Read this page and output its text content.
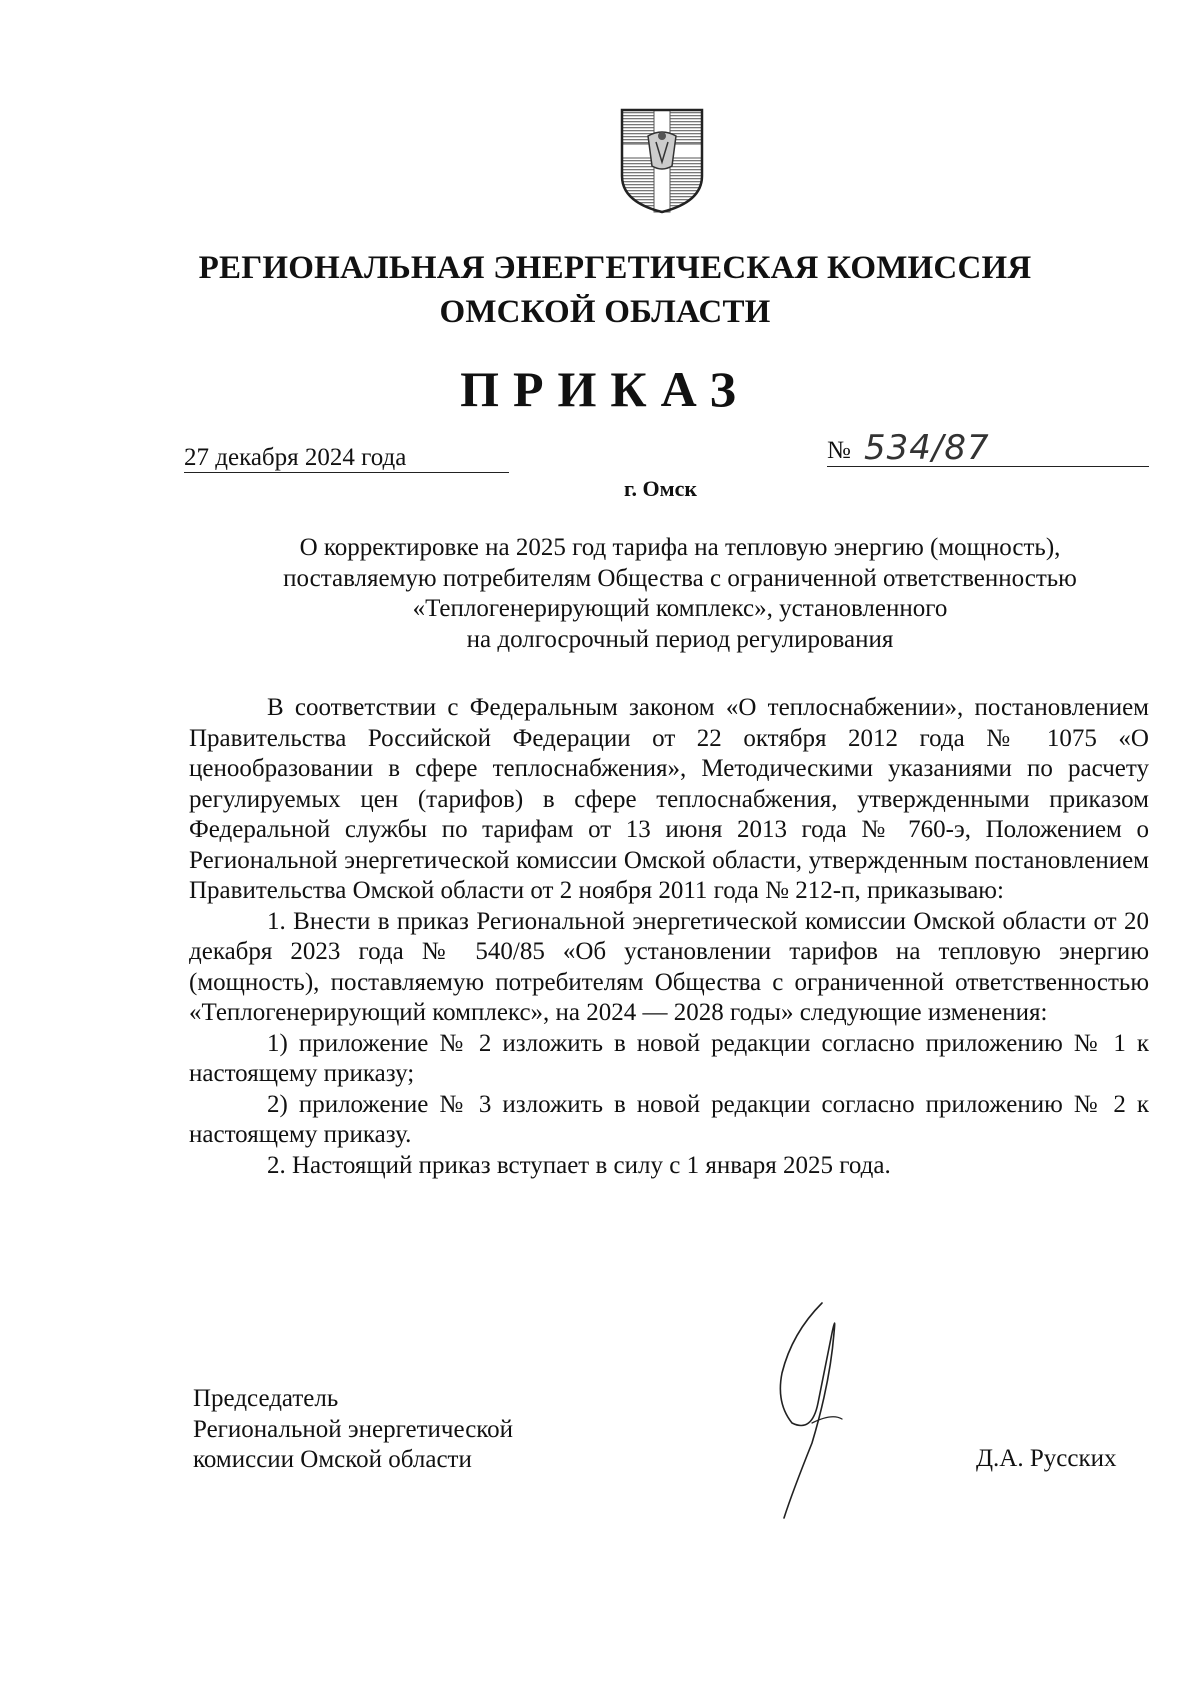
РЕГИОНАЛЬНАЯ ЭНЕРГЕТИЧЕСКАЯ КОМИССИЯ
ОМСКОЙ ОБЛАСТИ
ПРИКАЗ
27 декабря 2024 года	№ 534/87
г. Омск
О корректировке на 2025 год тарифа на тепловую энергию (мощность),
поставляемую потребителям Общества с ограниченной ответственностью
«Теплогенерирующий комплекс», установленного
на долгосрочный период регулирования

В соответствии с Федеральным законом «О теплоснабжении», постановлением Правительства Российской Федерации от 22 октября 2012 года № 1075 «О ценообразовании в сфере теплоснабжения», Методическими указаниями по расчету регулируемых цен (тарифов) в сфере теплоснабжения, утвержденными приказом Федеральной службы по тарифам от 13 июня 2013 года № 760-э, Положением о Региональной энергетической комиссии Омской области, утвержденным постановлением Правительства Омской области от 2 ноября 2011 года № 212-п, приказываю:

1. Внести в приказ Региональной энергетической комиссии Омской области от 20 декабря 2023 года № 540/85 «Об установлении тарифов на тепловую энергию (мощность), поставляемую потребителям Общества с ограниченной ответственностью «Теплогенерирующий комплекс», на 2024 — 2028 годы» следующие изменения:

1) приложение № 2 изложить в новой редакции согласно приложению № 1 к настоящему приказу;

2) приложение № 3 изложить в новой редакции согласно приложению № 2 к настоящему приказу.

2. Настоящий приказ вступает в силу с 1 января 2025 года.

Председатель
Региональной энергетической
комиссии Омской области	Д.А. Русских
